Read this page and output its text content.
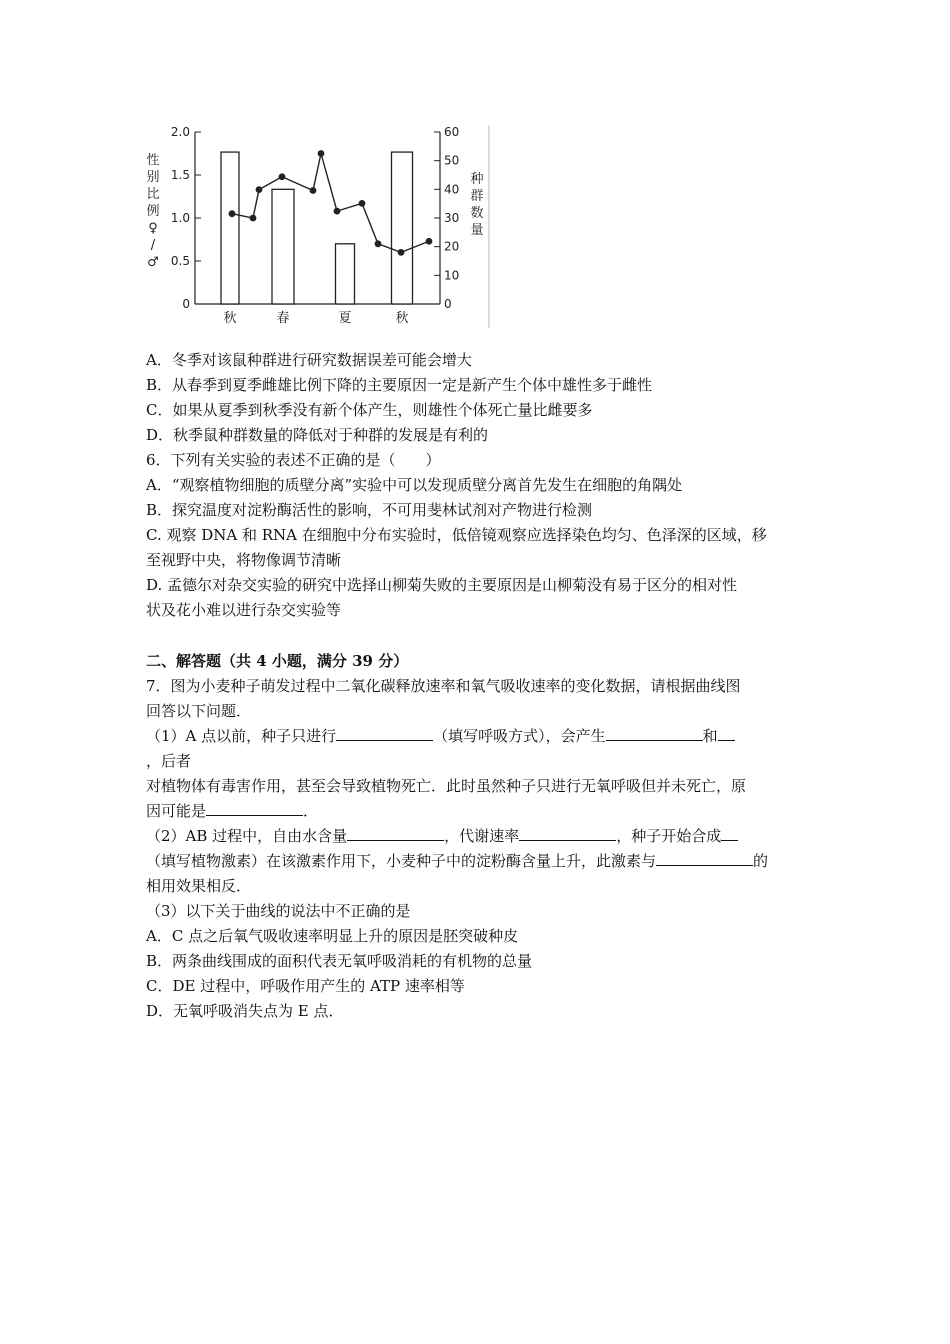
性
别
比
例
♀
/
♂
种
群
数
量
2.0
1.5
1.0
0.5
0
60
50
40
30
20
10
0
秋	春	夏	秋
A．冬季对该鼠种群进行研究数据误差可能会增大
B．从春季到夏季雌雄比例下降的主要原因一定是新产生个体中雄性多于雌性
C．如果从夏季到秋季没有新个体产生，则雄性个体死亡量比雌要多
D．秋季鼠种群数量的降低对于种群的发展是有利的
6．下列有关实验的表述不正确的是（　　）
A．“观察植物细胞的质壁分离”实验中可以发现质壁分离首先发生在细胞的角隅处
B．探究温度对淀粉酶活性的影响，不可用斐林试剂对产物进行检测
C. 观察 DNA 和 RNA 在细胞中分布实验时，低倍镜观察应选择染色均匀、色泽深的区域，移
至视野中央，将物像调节清晰
D. 孟德尔对杂交实验的研究中选择山柳菊失败的主要原因是山柳菊没有易于区分的相对性
状及花小难以进行杂交实验等
二、解答题（共 4 小题，满分 39 分）
7．图为小麦种子萌发过程中二氧化碳释放速率和氧气吸收速率的变化数据，请根据曲线图
回答以下问题．
（1）A 点以前，种子只进行	（填写呼吸方式），会产生	和
，后者
对植物体有毒害作用，甚至会导致植物死亡．此时虽然种子只进行无氧呼吸但并未死亡，原
因可能是	．
（2）AB 过程中，自由水含量	，代谢速率	，种子开始合成
（填写植物激素）在该激素作用下，小麦种子中的淀粉酶含量上升，此激素与	的
相用效果相反．
（3）以下关于曲线的说法中不正确的是
A．C 点之后氧气吸收速率明显上升的原因是胚突破种皮
B．两条曲线围成的面积代表无氧呼吸消耗的有机物的总量
C．DE 过程中，呼吸作用产生的 ATP 速率相等
D．无氧呼吸消失点为 E 点．
